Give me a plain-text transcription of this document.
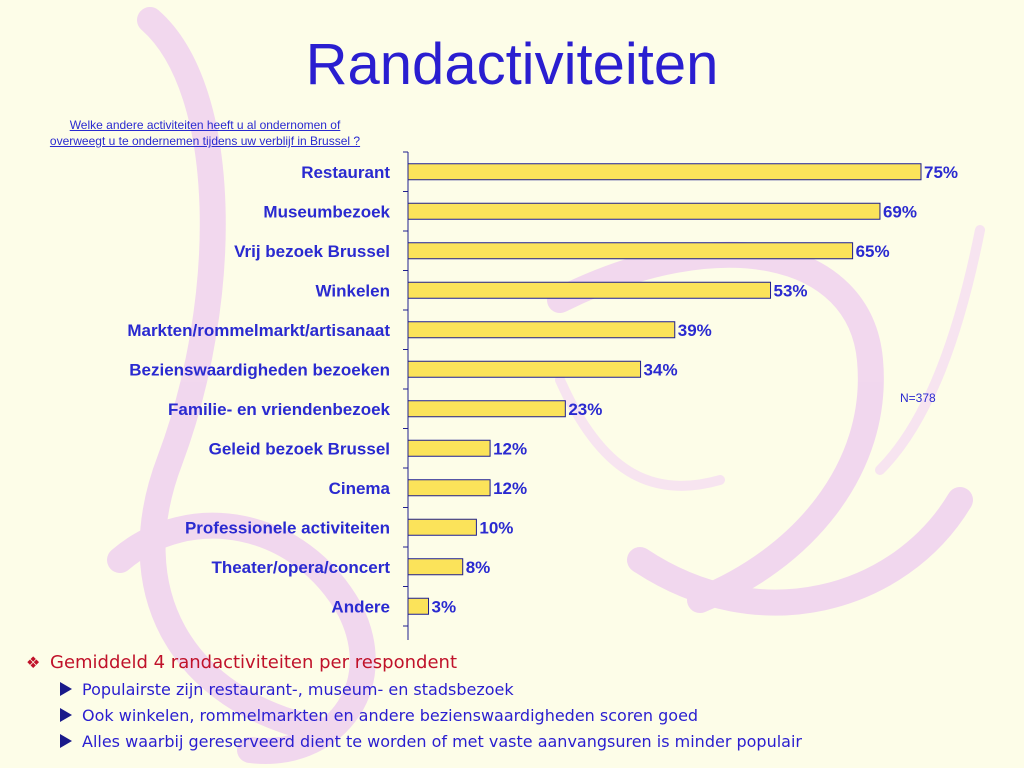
Randactiviteiten
Welke andere activiteiten heeft u al ondernomen of
overweegt u te ondernemen tijdens uw verblijf in Brussel ?
Restaurant	75%
Museumbezoek	69%
Vrij bezoek Brussel	65%
Winkelen	53%
Markten/rommelmarkt/artisanaat	39%
Bezienswaardigheden bezoeken	34%
Familie- en vriendenbezoek	23%
Geleid bezoek Brussel	12%
Cinema	12%
Professionele activiteiten	10%
Theater/opera/concert	8%
Andere 3%
N=378
❖ Gemiddeld 4 randactiviteiten per respondent
Populairste zijn restaurant-, museum- en stadsbezoek
Ook winkelen, rommelmarkten en andere bezienswaardigheden scoren goed
Alles waarbij gereserveerd dient te worden of met vaste aanvangsuren is minder populair
